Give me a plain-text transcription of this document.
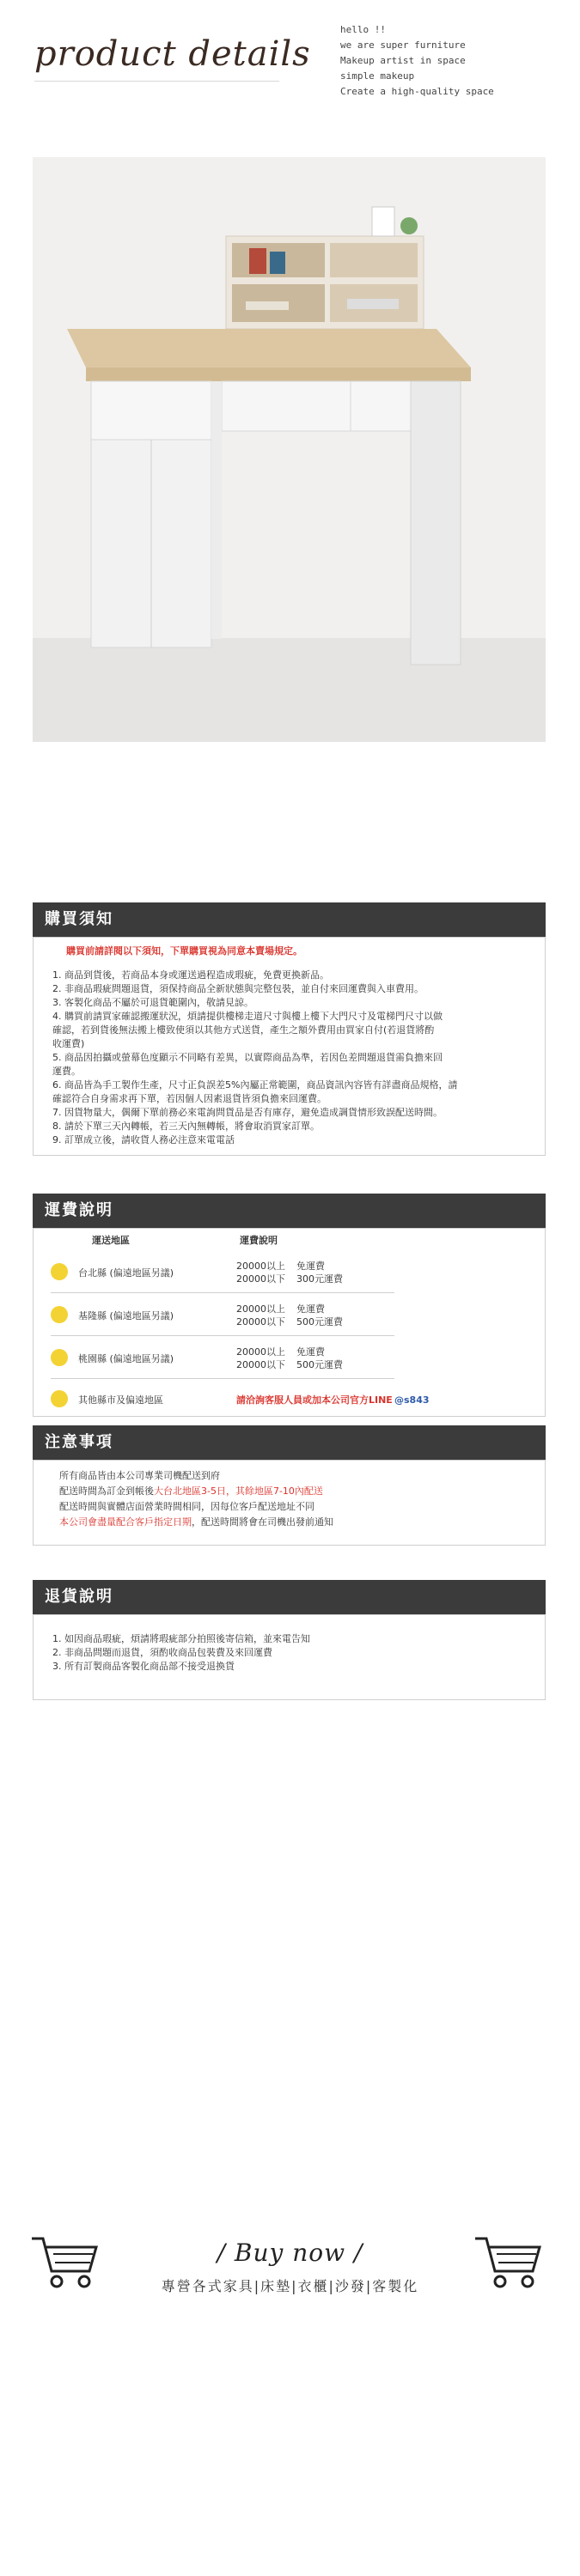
product details
hello !!
we are super furniture
Makeup artist in space
simple makeup
Create a high-quality space
購買須知
購買前請詳閱以下須知，下單購買視為同意本賣場規定。
1. 商品到貨後，若商品本身或運送過程造成瑕疵，免費更換新品。
2. 非商品瑕疵問題退貨，須保持商品全新狀態與完整包裝，並自付來回運費與入車費用。
3. 客製化商品不屬於可退貨範圍內，敬請見諒。
4. 購買前請買家確認搬運狀況，煩請提供樓梯走道尺寸與樓上樓下大門尺寸及電梯門尺寸以做
確認，若到貨後無法搬上樓致使須以其他方式送貨，產生之額外費用由買家自付(若退貨將酌
收運費)
5. 商品因拍攝或螢幕色度顯示不同略有差異，以實際商品為準，若因色差問題退貨需負擔來回
運費。
6. 商品皆為手工製作生產，尺寸正負誤差5%內屬正常範圍，商品資訊內容皆有詳盡商品規格，請
確認符合自身需求再下單，若因個人因素退貨皆須負擔來回運費。
7. 因貨物量大，偶爾下單前務必來電詢問貨品是否有庫存，避免造成調貨情形致誤配送時間。
8. 請於下單三天內轉帳，若三天內無轉帳，將會取消買家訂單。
9. 訂單成立後，請收貨人務必注意來電電話
運費說明
運送地區	運費說明
台北縣 (偏遠地區另議)
20000以上 免運費
20000以下 300元運費
基隆縣 (偏遠地區另議)
20000以上 免運費
20000以下 500元運費
桃園縣 (偏遠地區另議)
20000以上 免運費
20000以下 500元運費
其他縣市及偏遠地區	請洽詢客服人員或加本公司官方LINE @s843
注意事項
所有商品皆由本公司專業司機配送到府
配送時間為訂金到帳後大台北地區3-5日，其餘地區7-10內配送
配送時間與實體店面營業時間相同，因每位客戶配送地址不同
本公司會盡量配合客戶指定日期，配送時間將會在司機出發前通知
退貨說明
1. 如因商品瑕疵，煩請將瑕疵部分拍照後寄信箱，並來電告知
2. 非商品問題而退貨，須酌收商品包裝費及來回運費
3. 所有訂製商品客製化商品部不接受退換貨
/ Buy now /
專營各式家具|床墊|衣櫃|沙發|客製化
